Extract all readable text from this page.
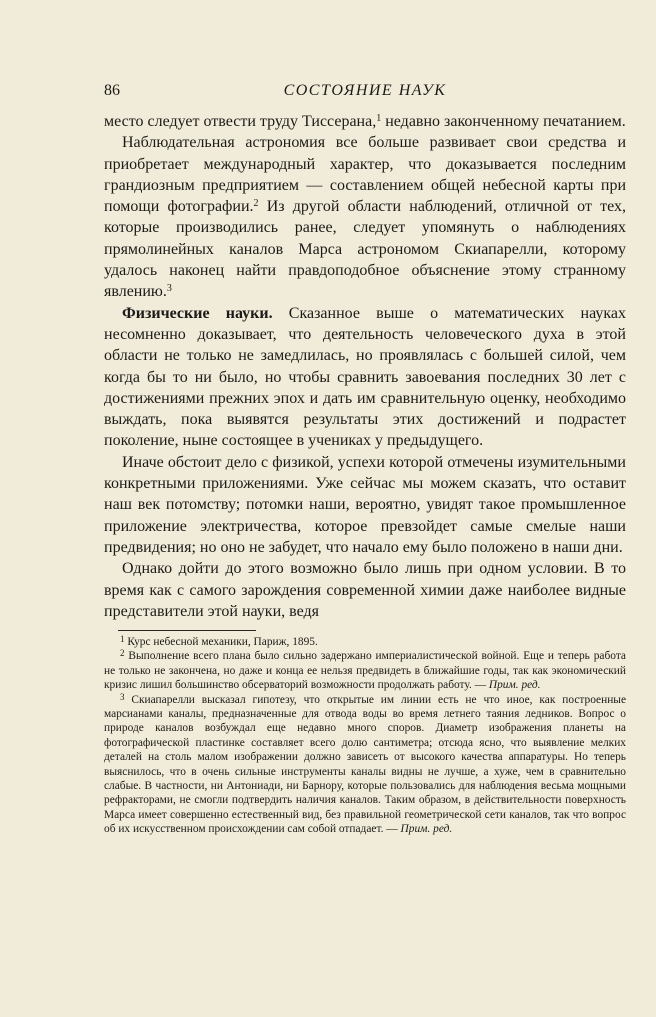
86	СОСТОЯНИЕ НАУК

место следует отвести труду Тиссерана,$^1$ недавно законченному печатанием.

Наблюдательная астрономия все больше развивает свои средства и приобретает международный характер, что доказывается последним грандиозным предприятием — составлением общей небесной карты при помощи фотографии.$^2$ Из другой области наблюдений, отличной от тех, которые производились ранее, следует упомянуть о наблюдениях прямолинейных каналов Марса астрономом Скиапарелли, которому удалось наконец найти правдоподобное объяснение этому странному явлению.$^3$

Физические науки. Сказанное выше о математических науках несомненно доказывает, что деятельность человеческого духа в этой области не только не замедлилась, но проявлялась с большей силой, чем когда бы то ни было, но чтобы сравнить завоевания последних 30 лет с достижениями прежних эпох и дать им сравнительную оценку, необходимо выждать, пока выявятся результаты этих достижений и подрастет поколение, ныне состоящее в учениках у предыдущего.

Иначе обстоит дело с физикой, успехи которой отмечены изумительными конкретными приложениями. Уже сейчас мы можем сказать, что оставит наш век потомству; потомки наши, вероятно, увидят такое промышленное приложение электричества, которое превзойдет самые смелые наши предвидения; но оно не забудет, что начало ему было положено в наши дни.

Однако дойти до этого возможно было лишь при одном условии. В то время как с самого зарождения современной химии даже наиболее видные представители этой науки, ведя

$^1$ Курс небесной механики, Париж, 1895.

$^2$ Выполнение всего плана было сильно задержано империалистической войной. Еще и теперь работа не только не закончена, но даже и конца ее нельзя предвидеть в ближайшие годы, так как экономический кризис лишил большинство обсерваторий возможности продолжать работу. — Прим. ред.

$^3$ Скиапарелли высказал гипотезу, что открытые им линии есть не что иное, как построенные марсианами каналы, предназначенные для отвода воды во время летнего таяния ледников. Вопрос о природе каналов возбуждал еще недавно много споров. Диаметр изображения планеты на фотографической пластинке составляет всего долю сантиметра; отсюда ясно, что выявление мелких деталей на столь малом изображении должно зависеть от высокого качества аппаратуры. Но теперь выяснилось, что в очень сильные инструменты каналы видны не лучше, а хуже, чем в сравнительно слабые. В частности, ни Антониади, ни Барнору, которые пользовались для наблюдения весьма мощными рефракторами, не смогли подтвердить наличия каналов. Таким образом, в действительности поверхность Марса имеет совершенно естественный вид, без правильной геометрической сети каналов, так что вопрос об их искусственном происхождении сам собой отпадает. — Прим. ред.
